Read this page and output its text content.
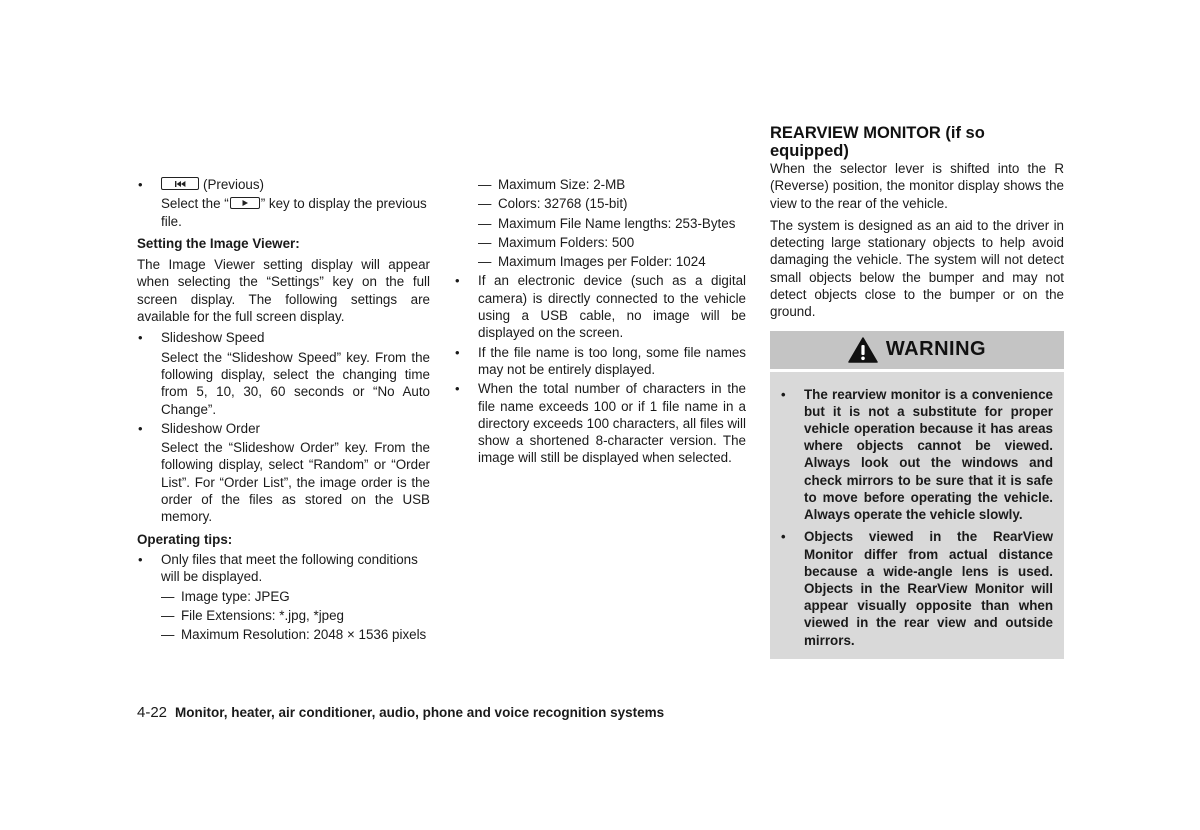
•	(Previous)

Select the “ ” key to display the previous file.

Setting the Image Viewer:

The Image Viewer setting display will appear when selecting the “Settings” key on the full screen display. The following settings are available for the full screen display.

• Slideshow Speed

Select the “Slideshow Speed” key. From the following display, select the changing time from 5, 10, 30, 60 seconds or “No Auto Change”.

• Slideshow Order

Select the “Slideshow Order” key. From the following display, select “Random” or “Order List”. For “Order List”, the image order is the order of the files as stored on the USB memory.

Operating tips:

• Only files that meet the following conditions will be displayed.

— Image type: JPEG

— File Extensions: *.jpg, *jpeg

— Maximum Resolution: 2048 × 1536 pixels

— Maximum Size: 2-MB

— Colors: 32768 (15-bit)

— Maximum File Name lengths: 253-Bytes

— Maximum Folders: 500

— Maximum Images per Folder: 1024

• If an electronic device (such as a digital camera) is directly connected to the vehicle using a USB cable, no image will be displayed on the screen.

• If the file name is too long, some file names may not be entirely displayed.

• When the total number of characters in the file name exceeds 100 or if 1 file name in a directory exceeds 100 characters, all files will show a shortened 8-character version. The image will still be displayed when selected.

REARVIEW MONITOR (if so equipped)

When the selector lever is shifted into the R (Reverse) position, the monitor display shows the view to the rear of the vehicle.

The system is designed as an aid to the driver in detecting large stationary objects to help avoid damaging the vehicle. The system will not detect small objects below the bumper and may not detect objects close to the bumper or on the ground.

WARNING
• The rearview monitor is a convenience but it is not a substitute for proper vehicle operation because it has areas where objects cannot be viewed. Always look out the windows and check mirrors to be sure that it is safe to move before operating the vehicle. Always operate the vehicle slowly.

• Objects viewed in the RearView Monitor differ from actual distance because a wide-angle lens is used. Objects in the RearView Monitor will appear visually opposite than when viewed in the rear view and outside mirrors.

4-22 Monitor, heater, air conditioner, audio, phone and voice recognition systems
